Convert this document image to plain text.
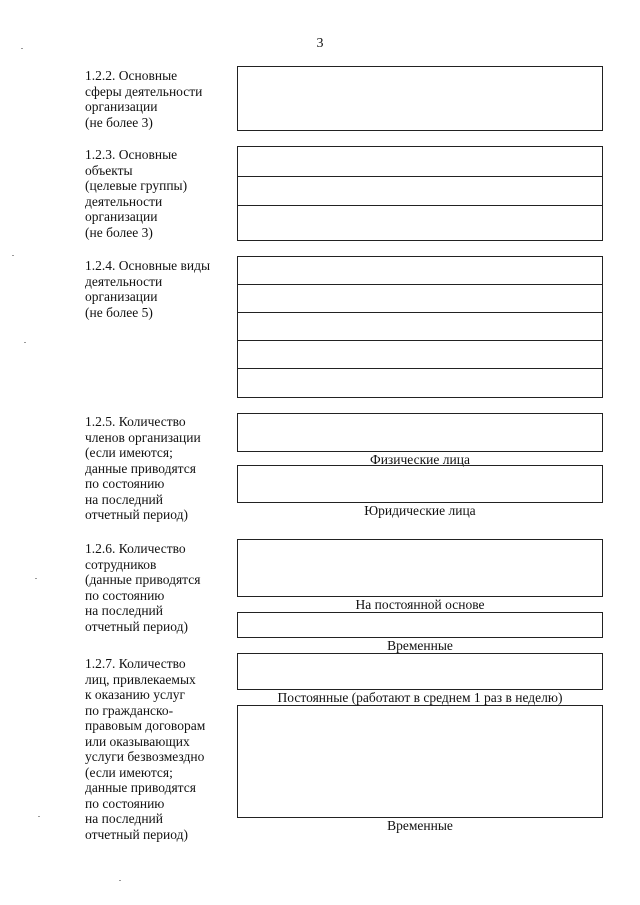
3
1.2.2. Основные
сферы деятельности
организации
(не более 3)
1.2.3. Основные
объекты
(целевые группы)
деятельности
организации
(не более 3)
1.2.4. Основные виды
деятельности
организации
(не более 5)
1.2.5. Количество
членов организации
(если имеются;
данные приводятся
по состоянию
на последний
отчетный период)
Физические лица
Юридические лица
1.2.6. Количество
сотрудников
(данные приводятся
по состоянию
на последний
отчетный период)
На постоянной основе
Временные
1.2.7. Количество
лиц, привлекаемых
к оказанию услуг
по гражданско-
правовым договорам
или оказывающих
услуги безвозмездно
(если имеются;
данные приводятся
по состоянию
на последний
отчетный период)
Постоянные (работают в среднем 1 раз в неделю)
Временные
